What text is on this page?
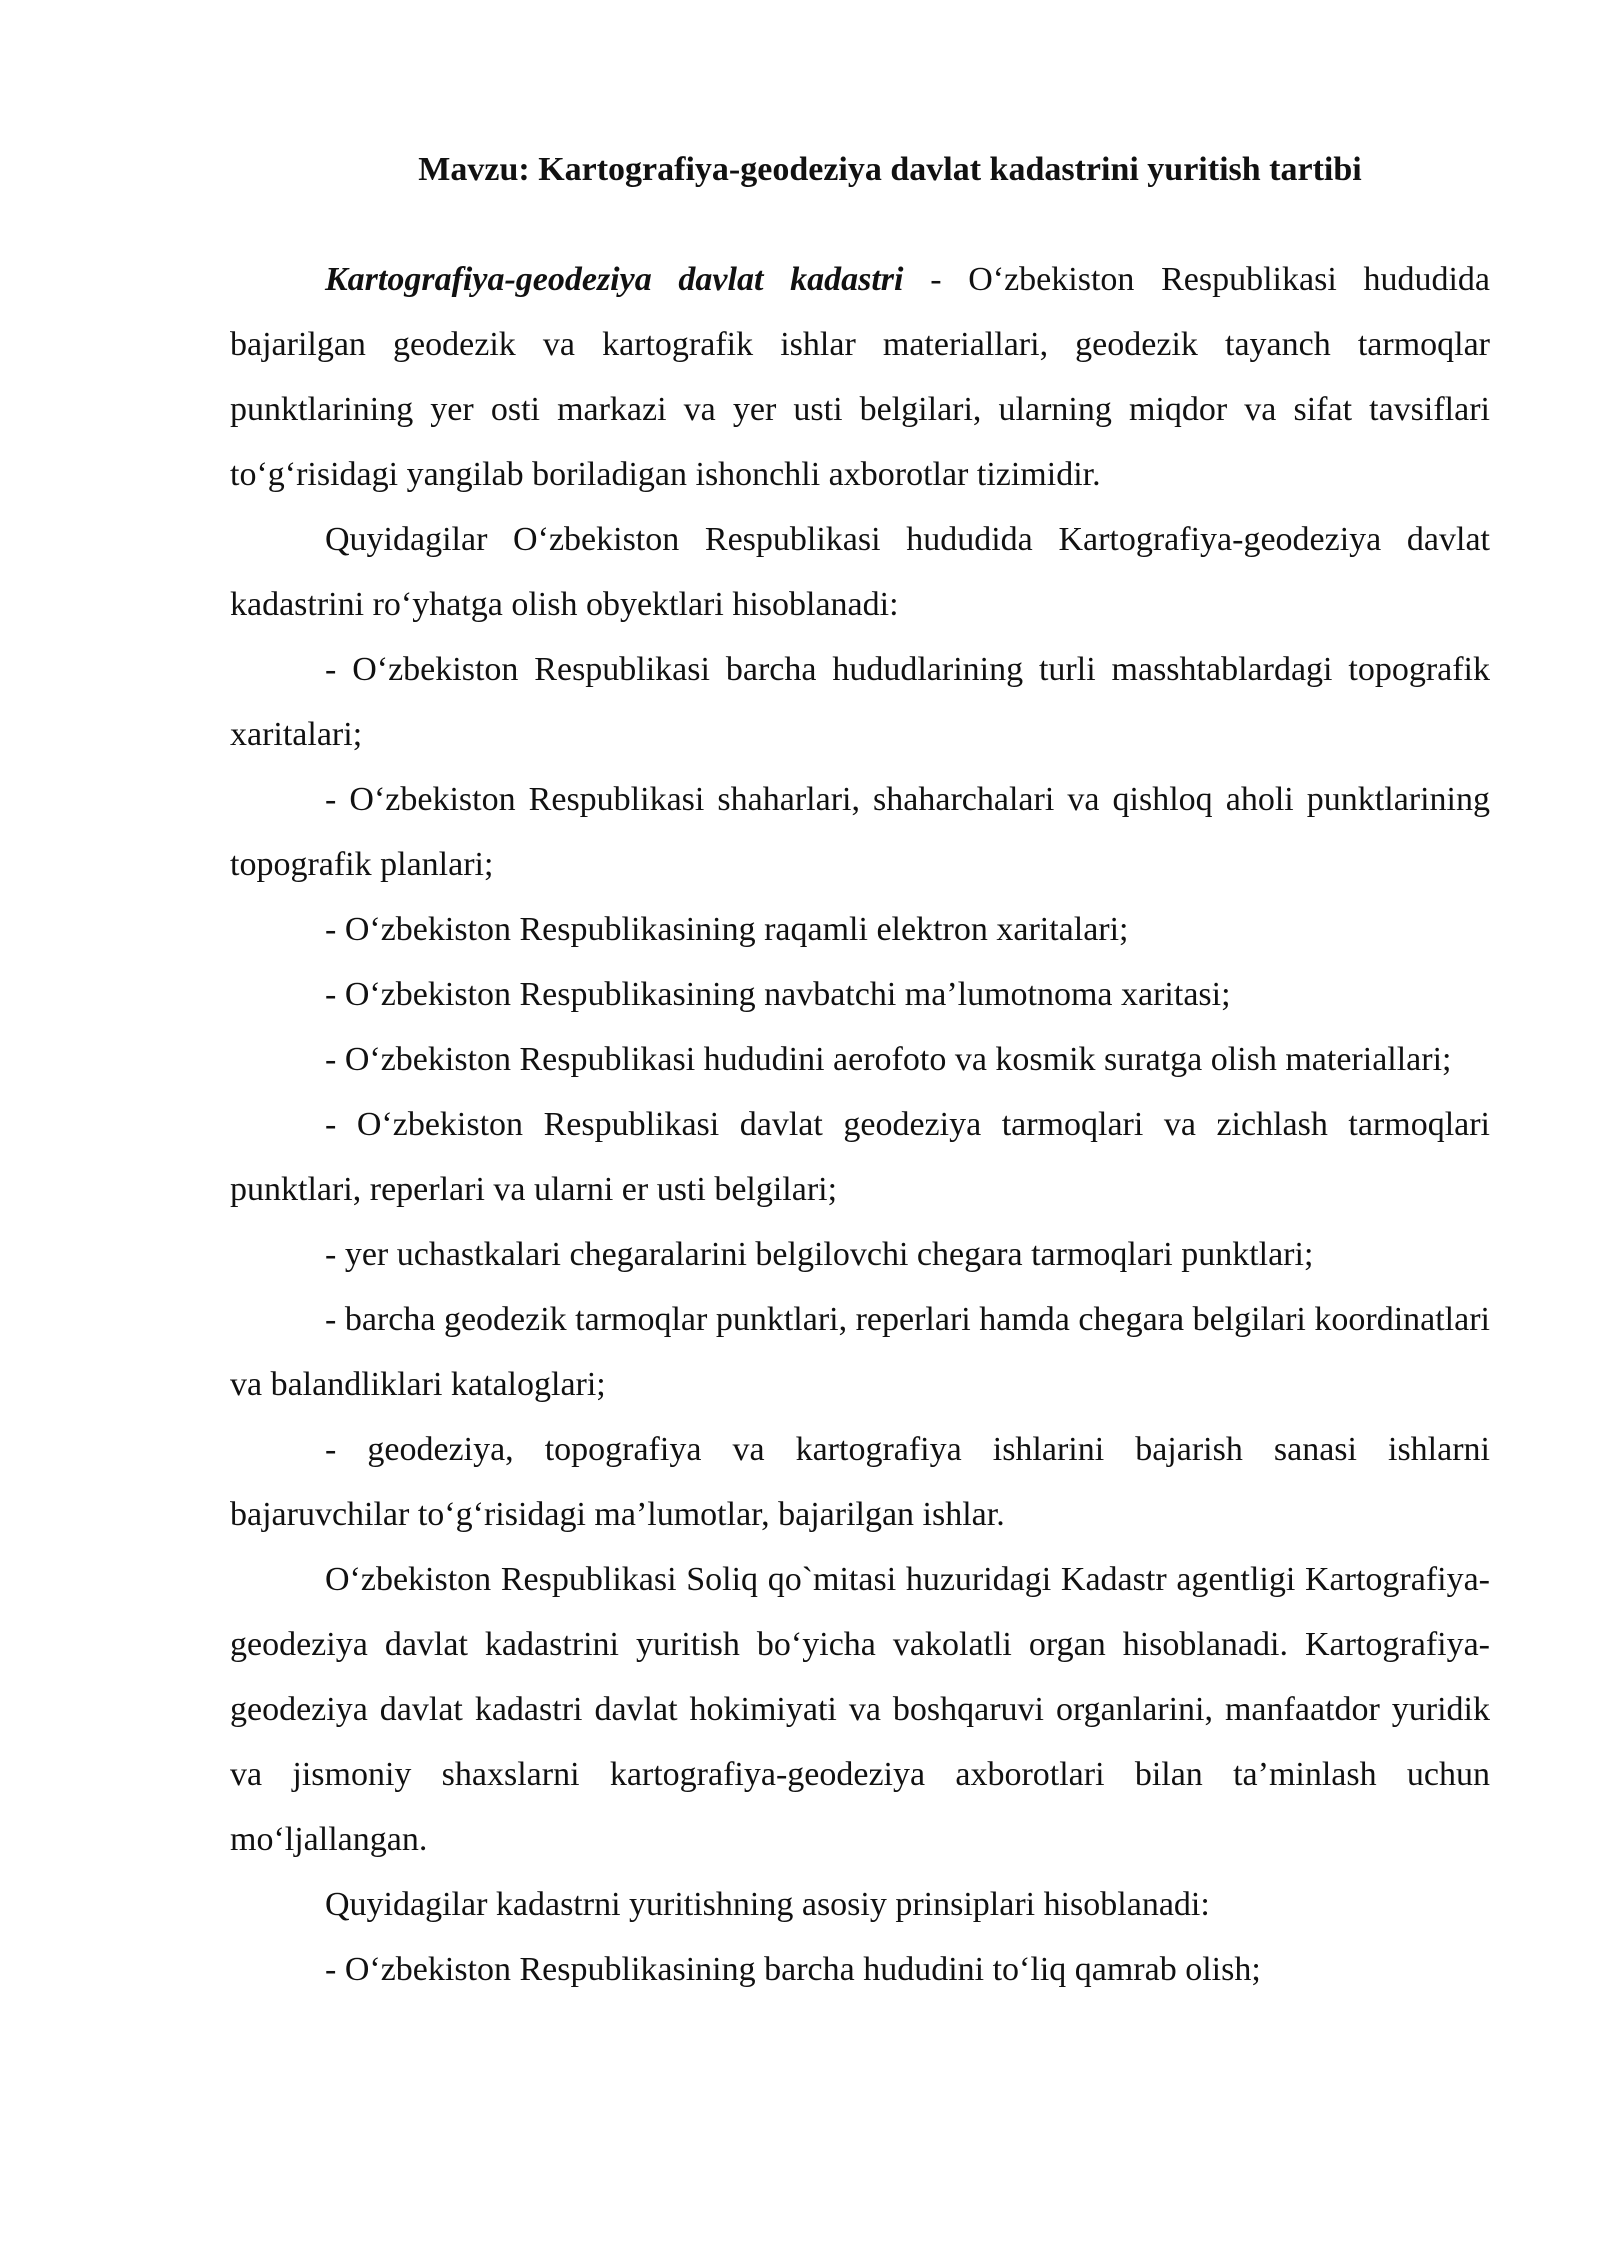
Mavzu: Kartografiya-geodeziya davlat kadastrini yuritish tartibi

Kartografiya-geodeziya davlat kadastri - O‘zbekiston Respublikasi hududida bajarilgan geodezik va kartografik ishlar materiallari, geodezik tayanch tarmoqlar punktlarining yer osti markazi va yer usti belgilari, ularning miqdor va sifat tavsiflari to‘g‘risidagi yangilab boriladigan ishonchli axborotlar tizimidir.

Quyidagilar O‘zbekiston Respublikasi hududida Kartografiya-geodeziya davlat kadastrini ro‘yhatga olish obyektlari hisoblanadi:

- O‘zbekiston Respublikasi barcha hududlarining turli masshtablardagi topografik xaritalari;

- O‘zbekiston Respublikasi shaharlari, shaharchalari va qishloq aholi punktlarining topografik planlari;

- O‘zbekiston Respublikasining raqamli elektron xaritalari;

- O‘zbekiston Respublikasining navbatchi ma’lumotnoma xaritasi;

- O‘zbekiston Respublikasi hududini aerofoto va kosmik suratga olish materiallari;

- O‘zbekiston Respublikasi davlat geodeziya tarmoqlari va zichlash tarmoqlari punktlari, reperlari va ularni er usti belgilari;

- yer uchastkalari chegaralarini belgilovchi chegara tarmoqlari punktlari;

- barcha geodezik tarmoqlar punktlari, reperlari hamda chegara belgilari koordinatlari va balandliklari kataloglari;

- geodeziya, topografiya va kartografiya ishlarini bajarish sanasi ishlarni bajaruvchilar to‘g‘risidagi ma’lumotlar, bajarilgan ishlar.

O‘zbekiston Respublikasi Soliq qo`mitasi huzuridagi Kadastr agentligi Kartografiya-geodeziya davlat kadastrini yuritish bo‘yicha vakolatli organ hisoblanadi. Kartografiya-geodeziya davlat kadastri davlat hokimiyati va boshqaruvi organlarini, manfaatdor yuridik va jismoniy shaxslarni kartografiya-geodeziya axborotlari bilan ta’minlash uchun mo‘ljallangan.

Quyidagilar kadastrni yuritishning asosiy prinsiplari hisoblanadi:

- O‘zbekiston Respublikasining barcha hududini to‘liq qamrab olish;
